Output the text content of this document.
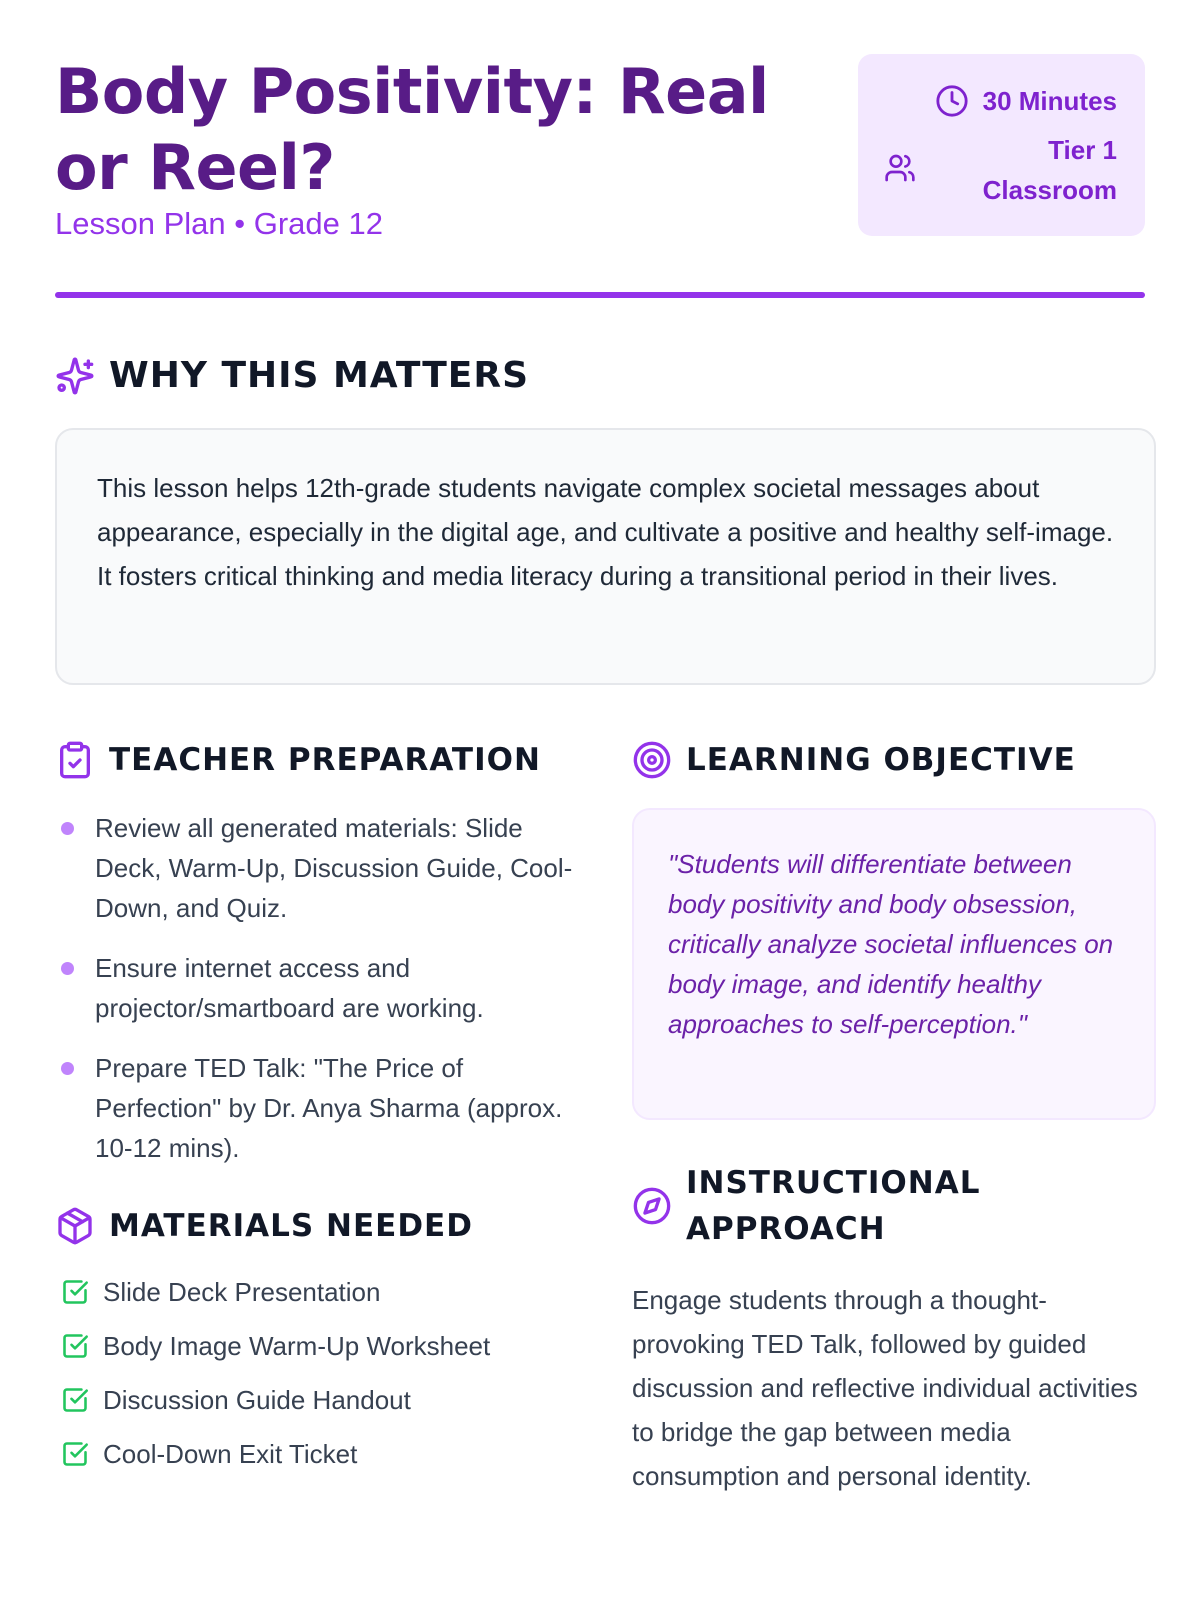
Body Positivity: Real or Reel?
Lesson Plan • Grade 12
30 Minutes
Tier 1
Classroom
WHY THIS MATTERS

This lesson helps 12th-grade students navigate complex societal messages about appearance, especially in the digital age, and cultivate a positive and healthy self-image. It fosters critical thinking and media literacy during a transitional period in their lives.

TEACHER PREPARATION
Review all generated materials: Slide Deck, Warm-Up, Discussion Guide, Cool-Down, and Quiz.
Ensure internet access and projector/smartboard are working.
Prepare TED Talk: "The Price of Perfection" by Dr. Anya Sharma (approx. 10-12 mins).
MATERIALS NEEDED
Slide Deck Presentation
Body Image Warm-Up Worksheet
Discussion Guide Handout
Cool-Down Exit Ticket
LEARNING OBJECTIVE

"Students will differentiate between body positivity and body obsession, critically analyze societal influences on body image, and identify healthy approaches to self-perception."

INSTRUCTIONAL
APPROACH

Engage students through a thought-provoking TED Talk, followed by guided discussion and reflective individual activities to bridge the gap between media consumption and personal identity.
